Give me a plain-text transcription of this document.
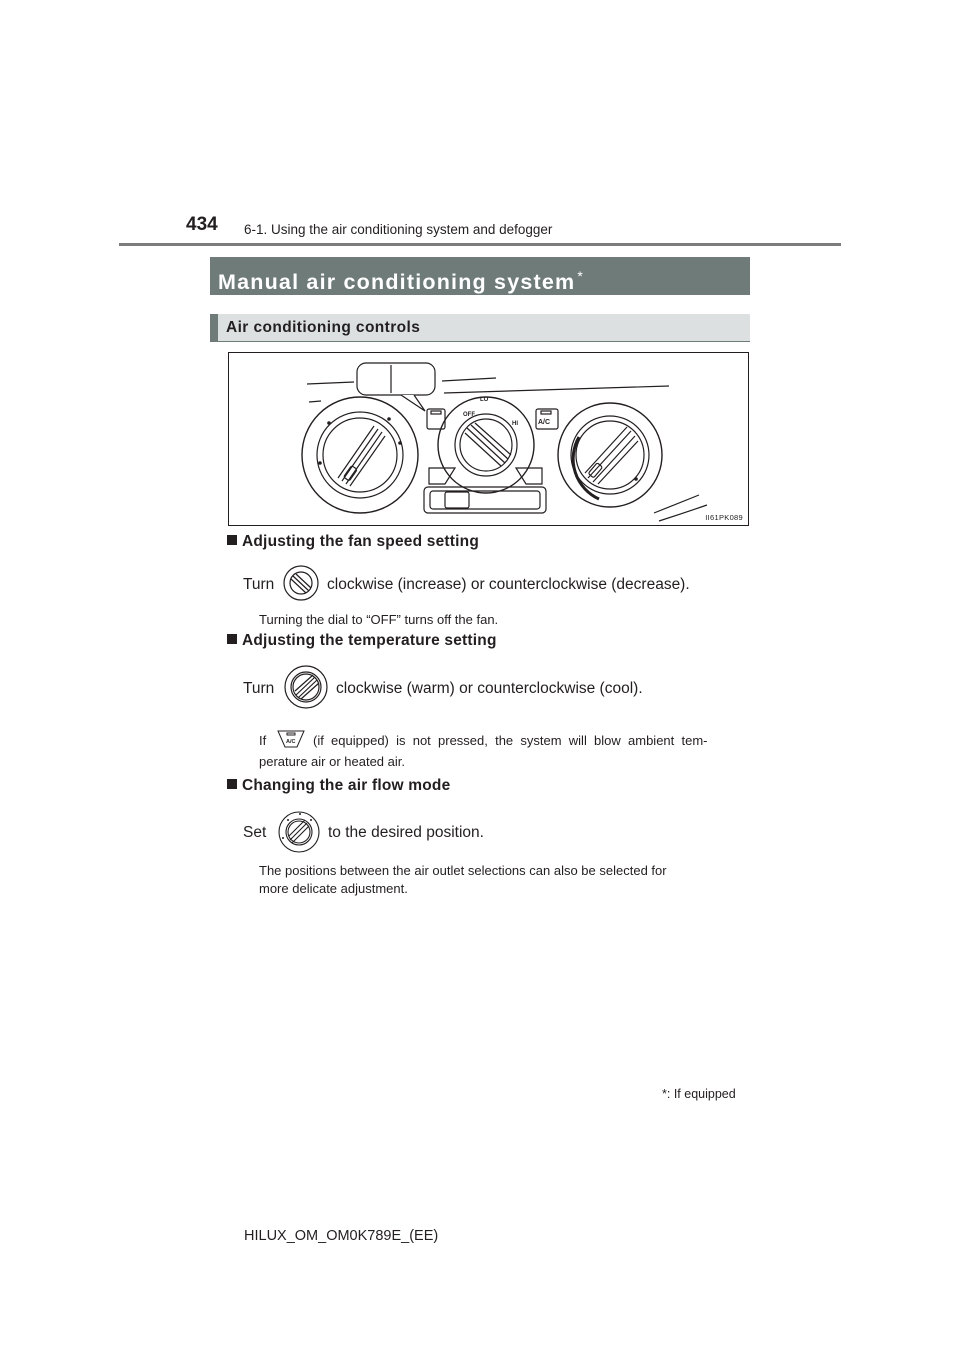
434 6-1. Using the air conditioning system and defogger
Manual air conditioning system *
Air conditioning controls
OFF
LO
HI	A/C
II61PK089
Adjusting the fan speed setting
Turn	clockwise (increase) or counterclockwise (decrease).
Turning the dial to “OFF” turns off the fan.
Adjusting the temperature setting
Turn	clockwise (warm) or counterclockwise (cool).
If	A/C (if  equipped)  is  not  pressed,  the  system  will  blow  ambient  tem-
perature air or heated air.
Changing the air flow mode
Set	to the desired position.
The positions between the air outlet selections can also be selected for
more delicate adjustment.
*: If equipped
HILUX_OM_OM0K789E_(EE)
